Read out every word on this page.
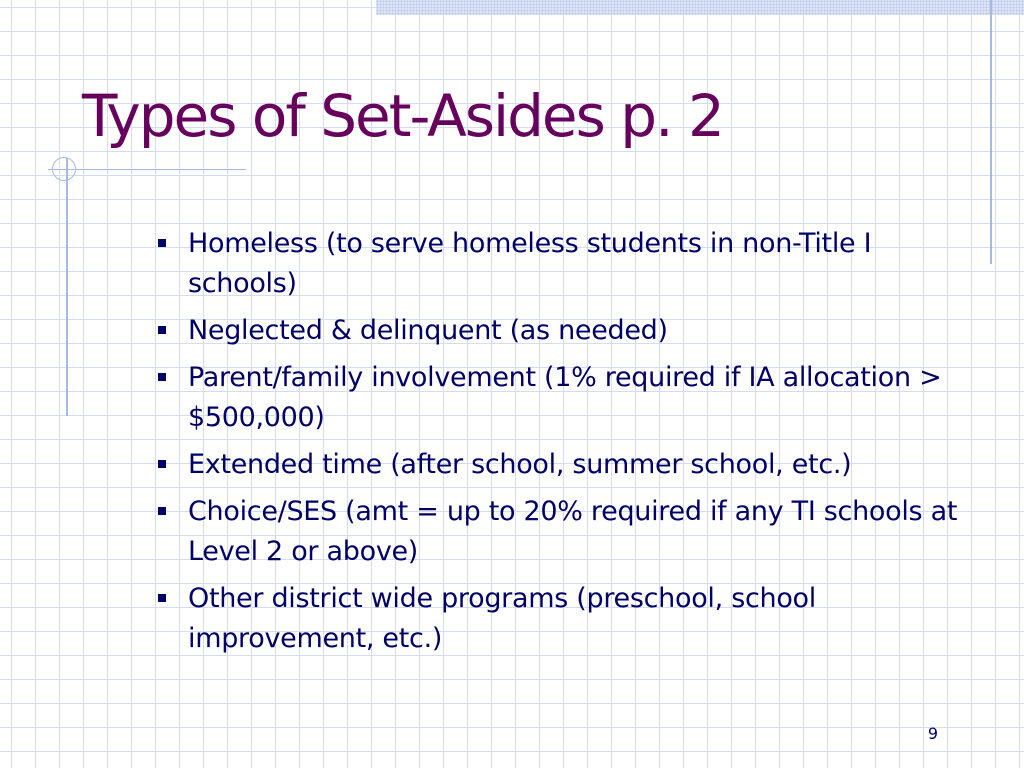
Types of Set-Asides p. 2
Homeless (to serve homeless students in non-Title I schools)
Neglected & delinquent (as needed)
Parent/family involvement (1% required if IA allocation > $500,000)
Extended time (after school, summer school, etc.)
Choice/SES (amt = up to 20% required if any TI schools at Level 2 or above)
Other district wide programs (preschool, school improvement, etc.)
9
